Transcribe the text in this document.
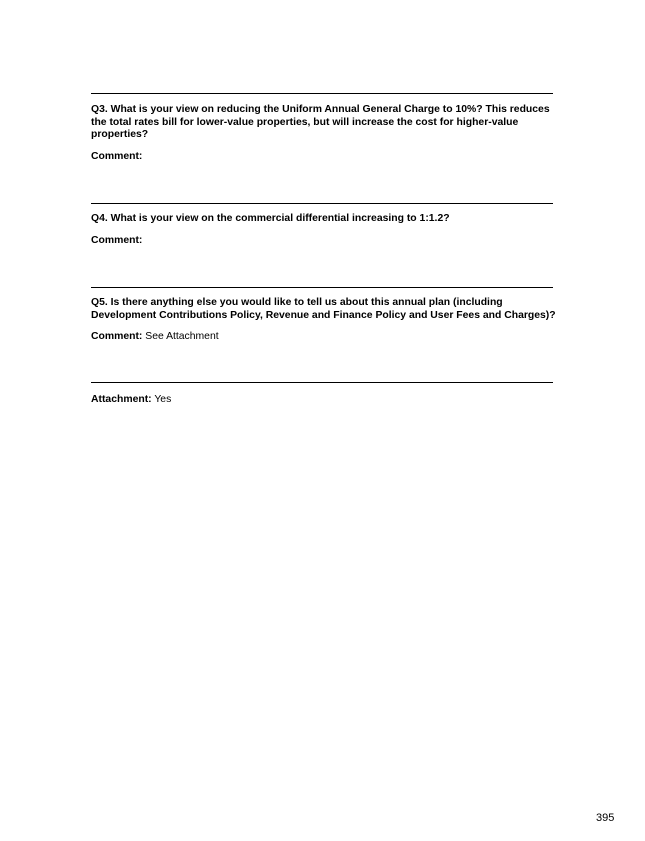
Q3. What is your view on reducing the Uniform Annual General Charge to 10%? This reduces the total rates bill for lower-value properties, but will increase the cost for higher-value properties?

Comment:

Q4. What is your view on the commercial differential increasing to 1:1.2?

Comment:

Q5. Is there anything else you would like to tell us about this annual plan (including Development Contributions Policy, Revenue and Finance Policy and User Fees and Charges)?

Comment: See Attachment
Attachment: Yes
395
